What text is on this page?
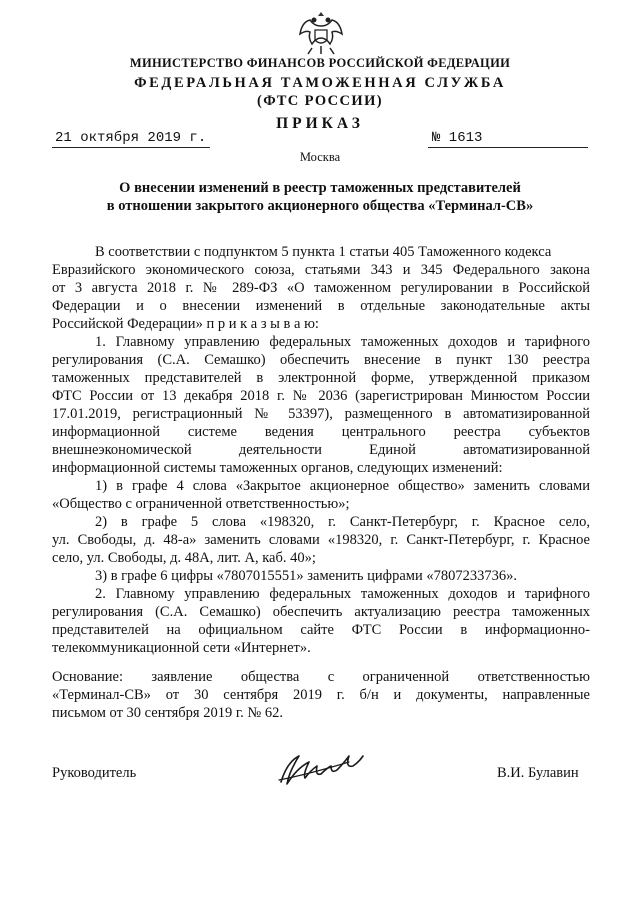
МИНИСТЕРСТВО ФИНАНСОВ РОССИЙСКОЙ ФЕДЕРАЦИИ
ФЕДЕРАЛЬНАЯ ТАМОЖЕННАЯ СЛУЖБА
(ФТС РОССИИ)
ПРИКАЗ
21 октября 2019 г.	№ 1613
Москва
О внесении изменений в реестр таможенных представителей
в отношении закрытого акционерного общества «Терминал-СВ»
В соответствии с подпунктом 5 пункта 1 статьи 405 Таможенного кодекса
Евразийского экономического союза, статьями 343 и 345 Федерального закона
от 3 августа 2018 г. № 289-ФЗ «О таможенном регулировании в Российской
Федерации и о внесении изменений в отдельные законодательные акты
Российской Федерации» п р и к а з ы в а ю:
1. Главному управлению федеральных таможенных доходов и тарифного
регулирования (С.А. Семашко) обеспечить внесение в пункт 130 реестра
таможенных представителей в электронной форме, утвержденной приказом
ФТС России от 13 декабря 2018 г. № 2036 (зарегистрирован Минюстом России
17.01.2019, регистрационный № 53397), размещенного в автоматизированной
информационной системе ведения центрального реестра субъектов
внешнеэкономической деятельности Единой автоматизированной
информационной системы таможенных органов, следующих изменений:
1) в графе 4 слова «Закрытое акционерное общество» заменить словами
«Общество с ограниченной ответственностью»;
2) в графе 5 слова «198320, г. Санкт-Петербург, г. Красное село,
ул. Свободы, д. 48-а» заменить словами «198320, г. Санкт-Петербург, г. Красное
село, ул. Свободы, д. 48А, лит. А, каб. 40»;
3) в графе 6 цифры «7807015551» заменить цифрами «7807233736».
2. Главному управлению федеральных таможенных доходов и тарифного
регулирования (С.А. Семашко) обеспечить актуализацию реестра таможенных
представителей на официальном сайте ФТС России в информационно-
телекоммуникационной сети «Интернет».
Основание: заявление общества с ограниченной ответственностью
«Терминал-СВ» от 30 сентября 2019 г. б/н и документы, направленные
письмом от 30 сентября 2019 г. № 62.
Руководитель	В.И. Булавин
